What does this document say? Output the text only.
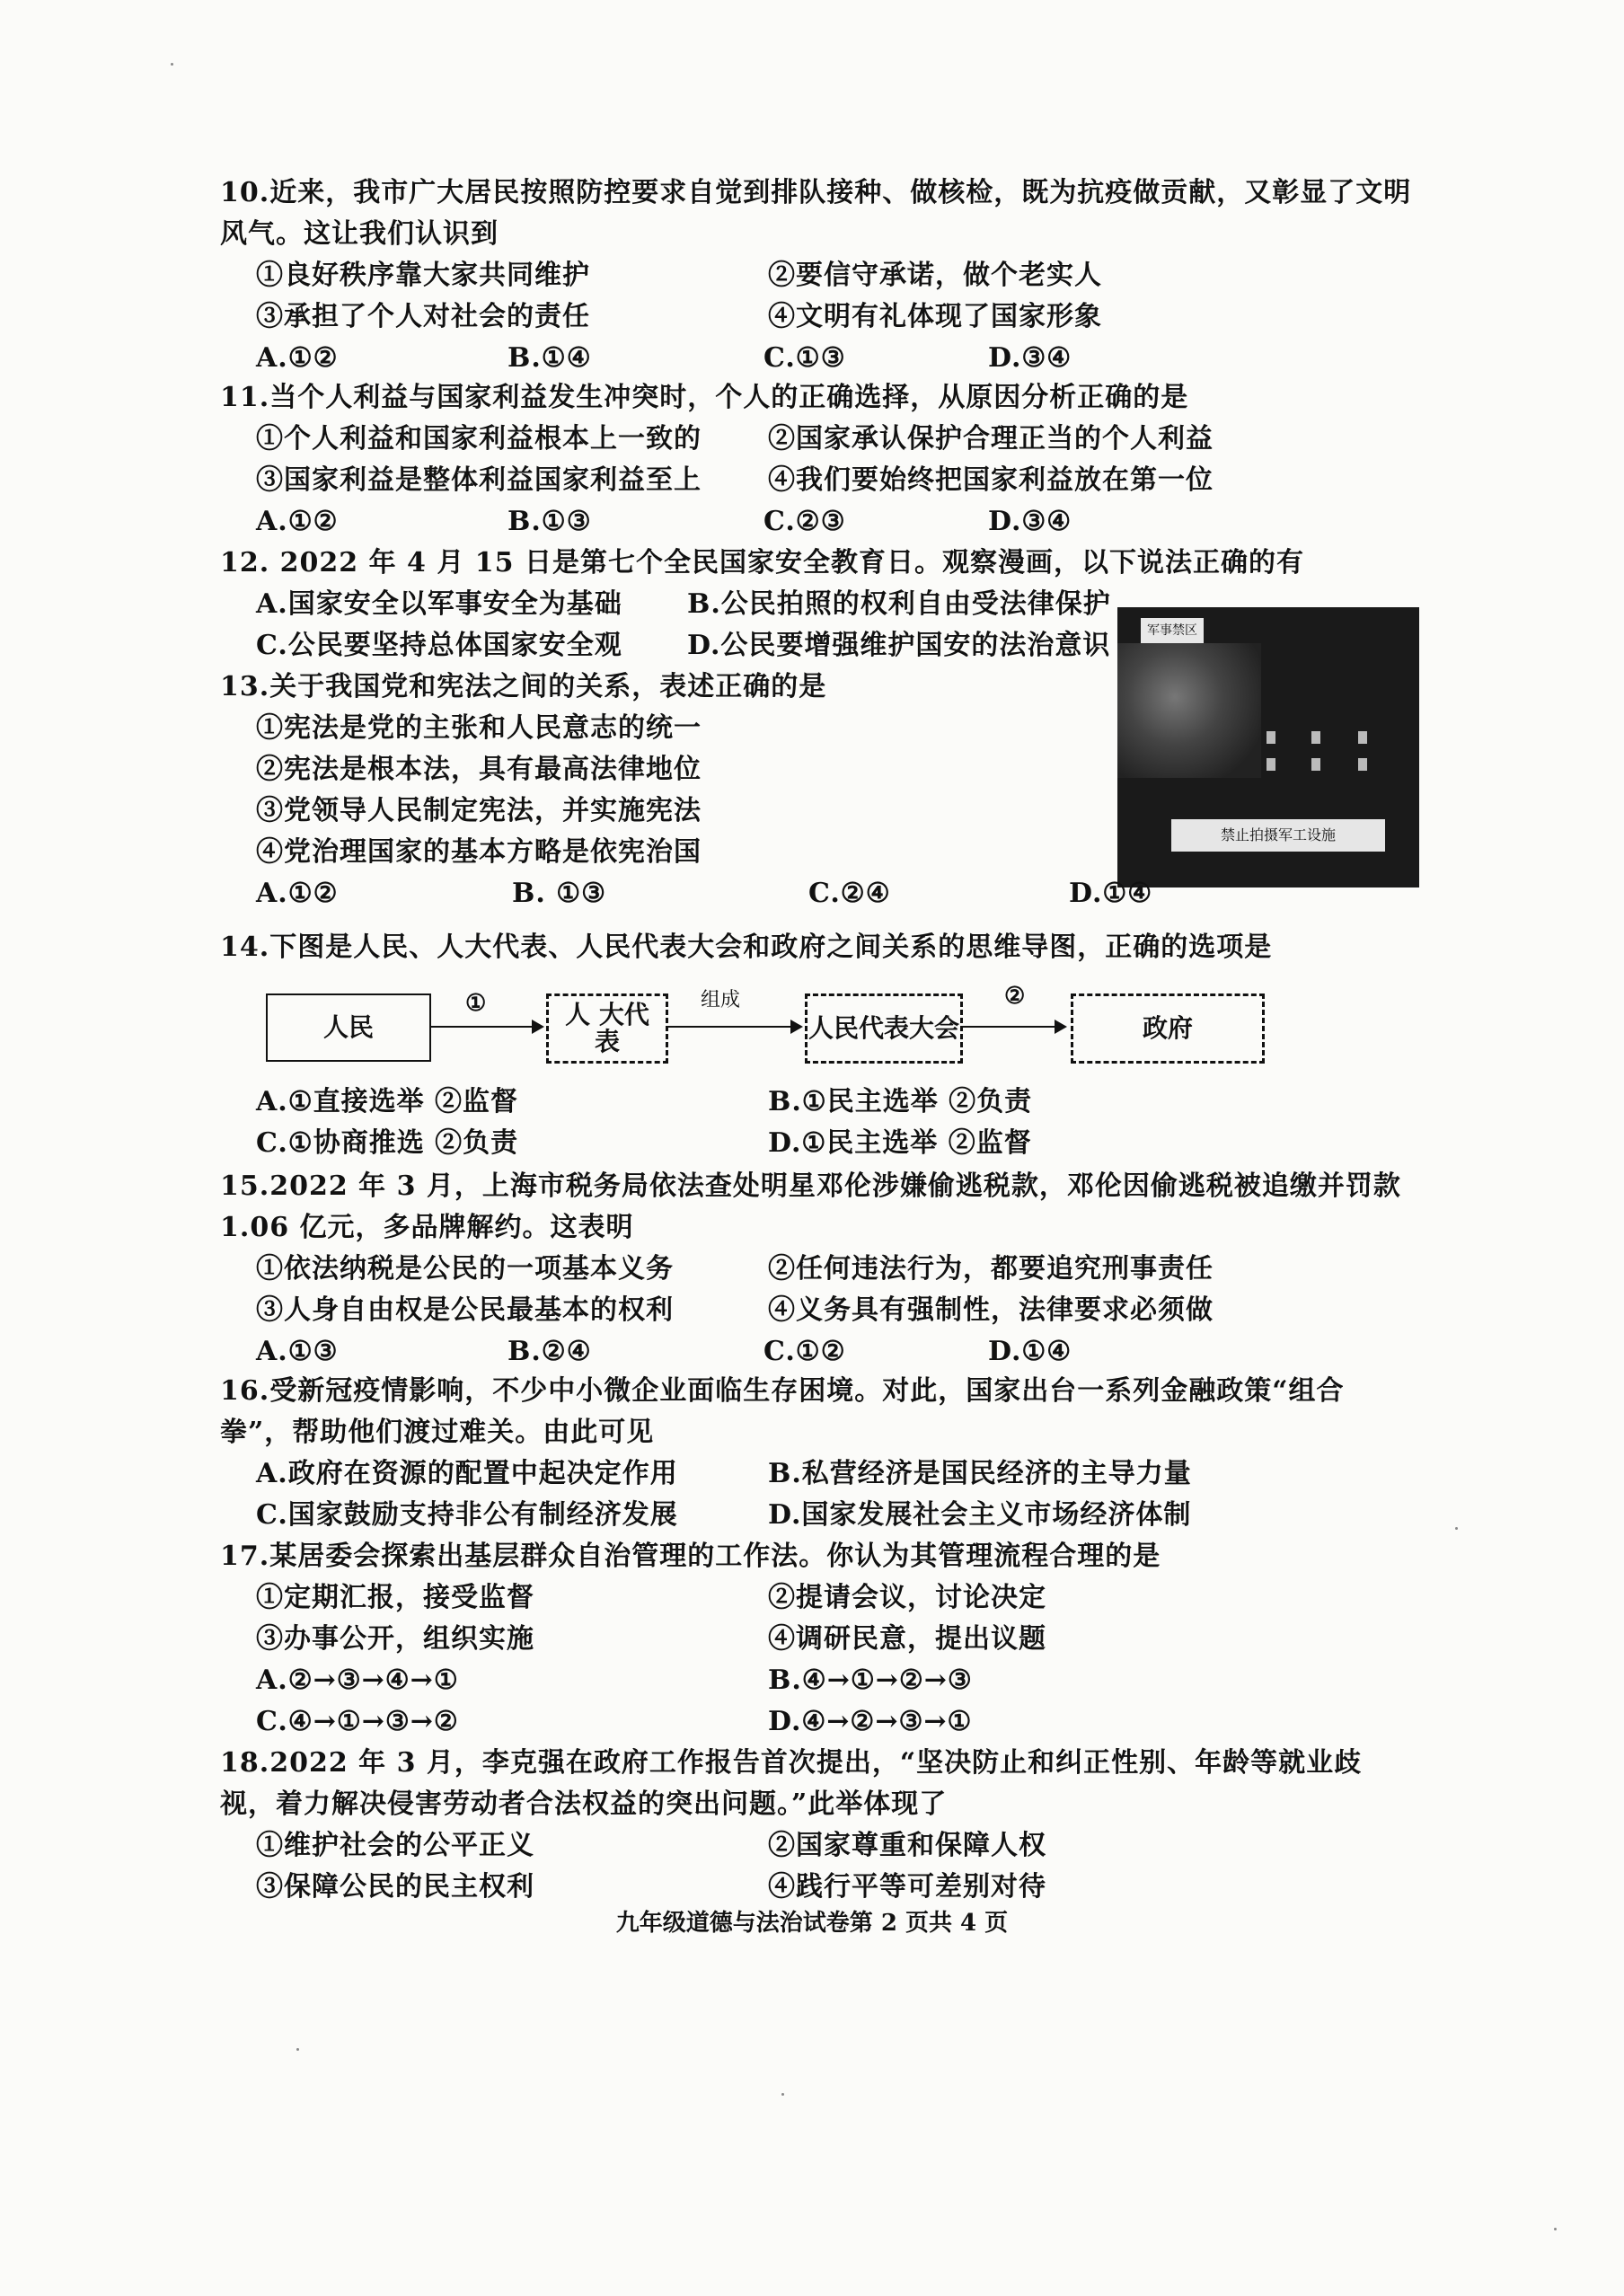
10.近来，我市广大居民按照防控要求自觉到排队接种、做核检，既为抗疫做贡献，又彰显了文明风气。这让我们认识到

①良好秩序靠大家共同维护	②要信守承诺，做个老实人
③承担了个人对社会的责任	④文明有礼体现了国家形象
A.①②	B.①④	C.①③	D.③④

11.当个人利益与国家利益发生冲突时，个人的正确选择，从原因分析正确的是

①个人利益和国家利益根本上一致的	②国家承认保护合理正当的个人利益
③国家利益是整体利益国家利益至上	④我们要始终把国家利益放在第一位
A.①②	B.①③	C.②③	D.③④

12. 2022 年 4 月 15 日是第七个全民国家安全教育日。观察漫画，以下说法正确的有

A.国家安全以军事安全为基础	B.公民拍照的权利自由受法律保护
C.公民要坚持总体国家安全观	D.公民要增强维护国安的法治意识	军事禁区
禁止拍摄军工设施

13.关于我国党和宪法之间的关系，表述正确的是

①宪法是党的主张和人民意志的统一
②宪法是根本法，具有最高法律地位
③党领导人民制定宪法，并实施宪法
④党治理国家的基本方略是依宪治国
A.①②	B. ①③	C.②④	D.①④

14.下图是人民、人大代表、人民代表大会和政府之间关系的思维导图，正确的选项是

人民
①	人 大代 表
组成
人民代表大会
②
政府
A.①直接选举 ②监督	B.①民主选举 ②负责
C.①协商推选 ②负责	D.①民主选举 ②监督

15.2022 年 3 月，上海市税务局依法查处明星邓伦涉嫌偷逃税款，邓伦因偷逃税被追缴并罚款 1.06 亿元，多品牌解约。这表明

①依法纳税是公民的一项基本义务	②任何违法行为，都要追究刑事责任
③人身自由权是公民最基本的权利	④义务具有强制性，法律要求必须做
A.①③	B.②④	C.①②	D.①④

16.受新冠疫情影响，不少中小微企业面临生存困境。对此，国家出台一系列金融政策“组合拳”，帮助他们渡过难关。由此可见

A.政府在资源的配置中起决定作用	B.私营经济是国民经济的主导力量
C.国家鼓励支持非公有制经济发展	D.国家发展社会主义市场经济体制

17.某居委会探索出基层群众自治管理的工作法。你认为其管理流程合理的是

①定期汇报，接受监督	②提请会议，讨论决定
③办事公开，组织实施	④调研民意，提出议题
A.②→③→④→①	B.④→①→②→③
C.④→①→③→②	D.④→②→③→①

18.2022 年 3 月，李克强在政府工作报告首次提出，“坚决防止和纠正性别、年龄等就业歧视，着力解决侵害劳动者合法权益的突出问题。”此举体现了

①维护社会的公平正义	②国家尊重和保障人权
③保障公民的民主权利	④践行平等可差别对待
九年级道德与法治试卷第 2 页共 4 页
